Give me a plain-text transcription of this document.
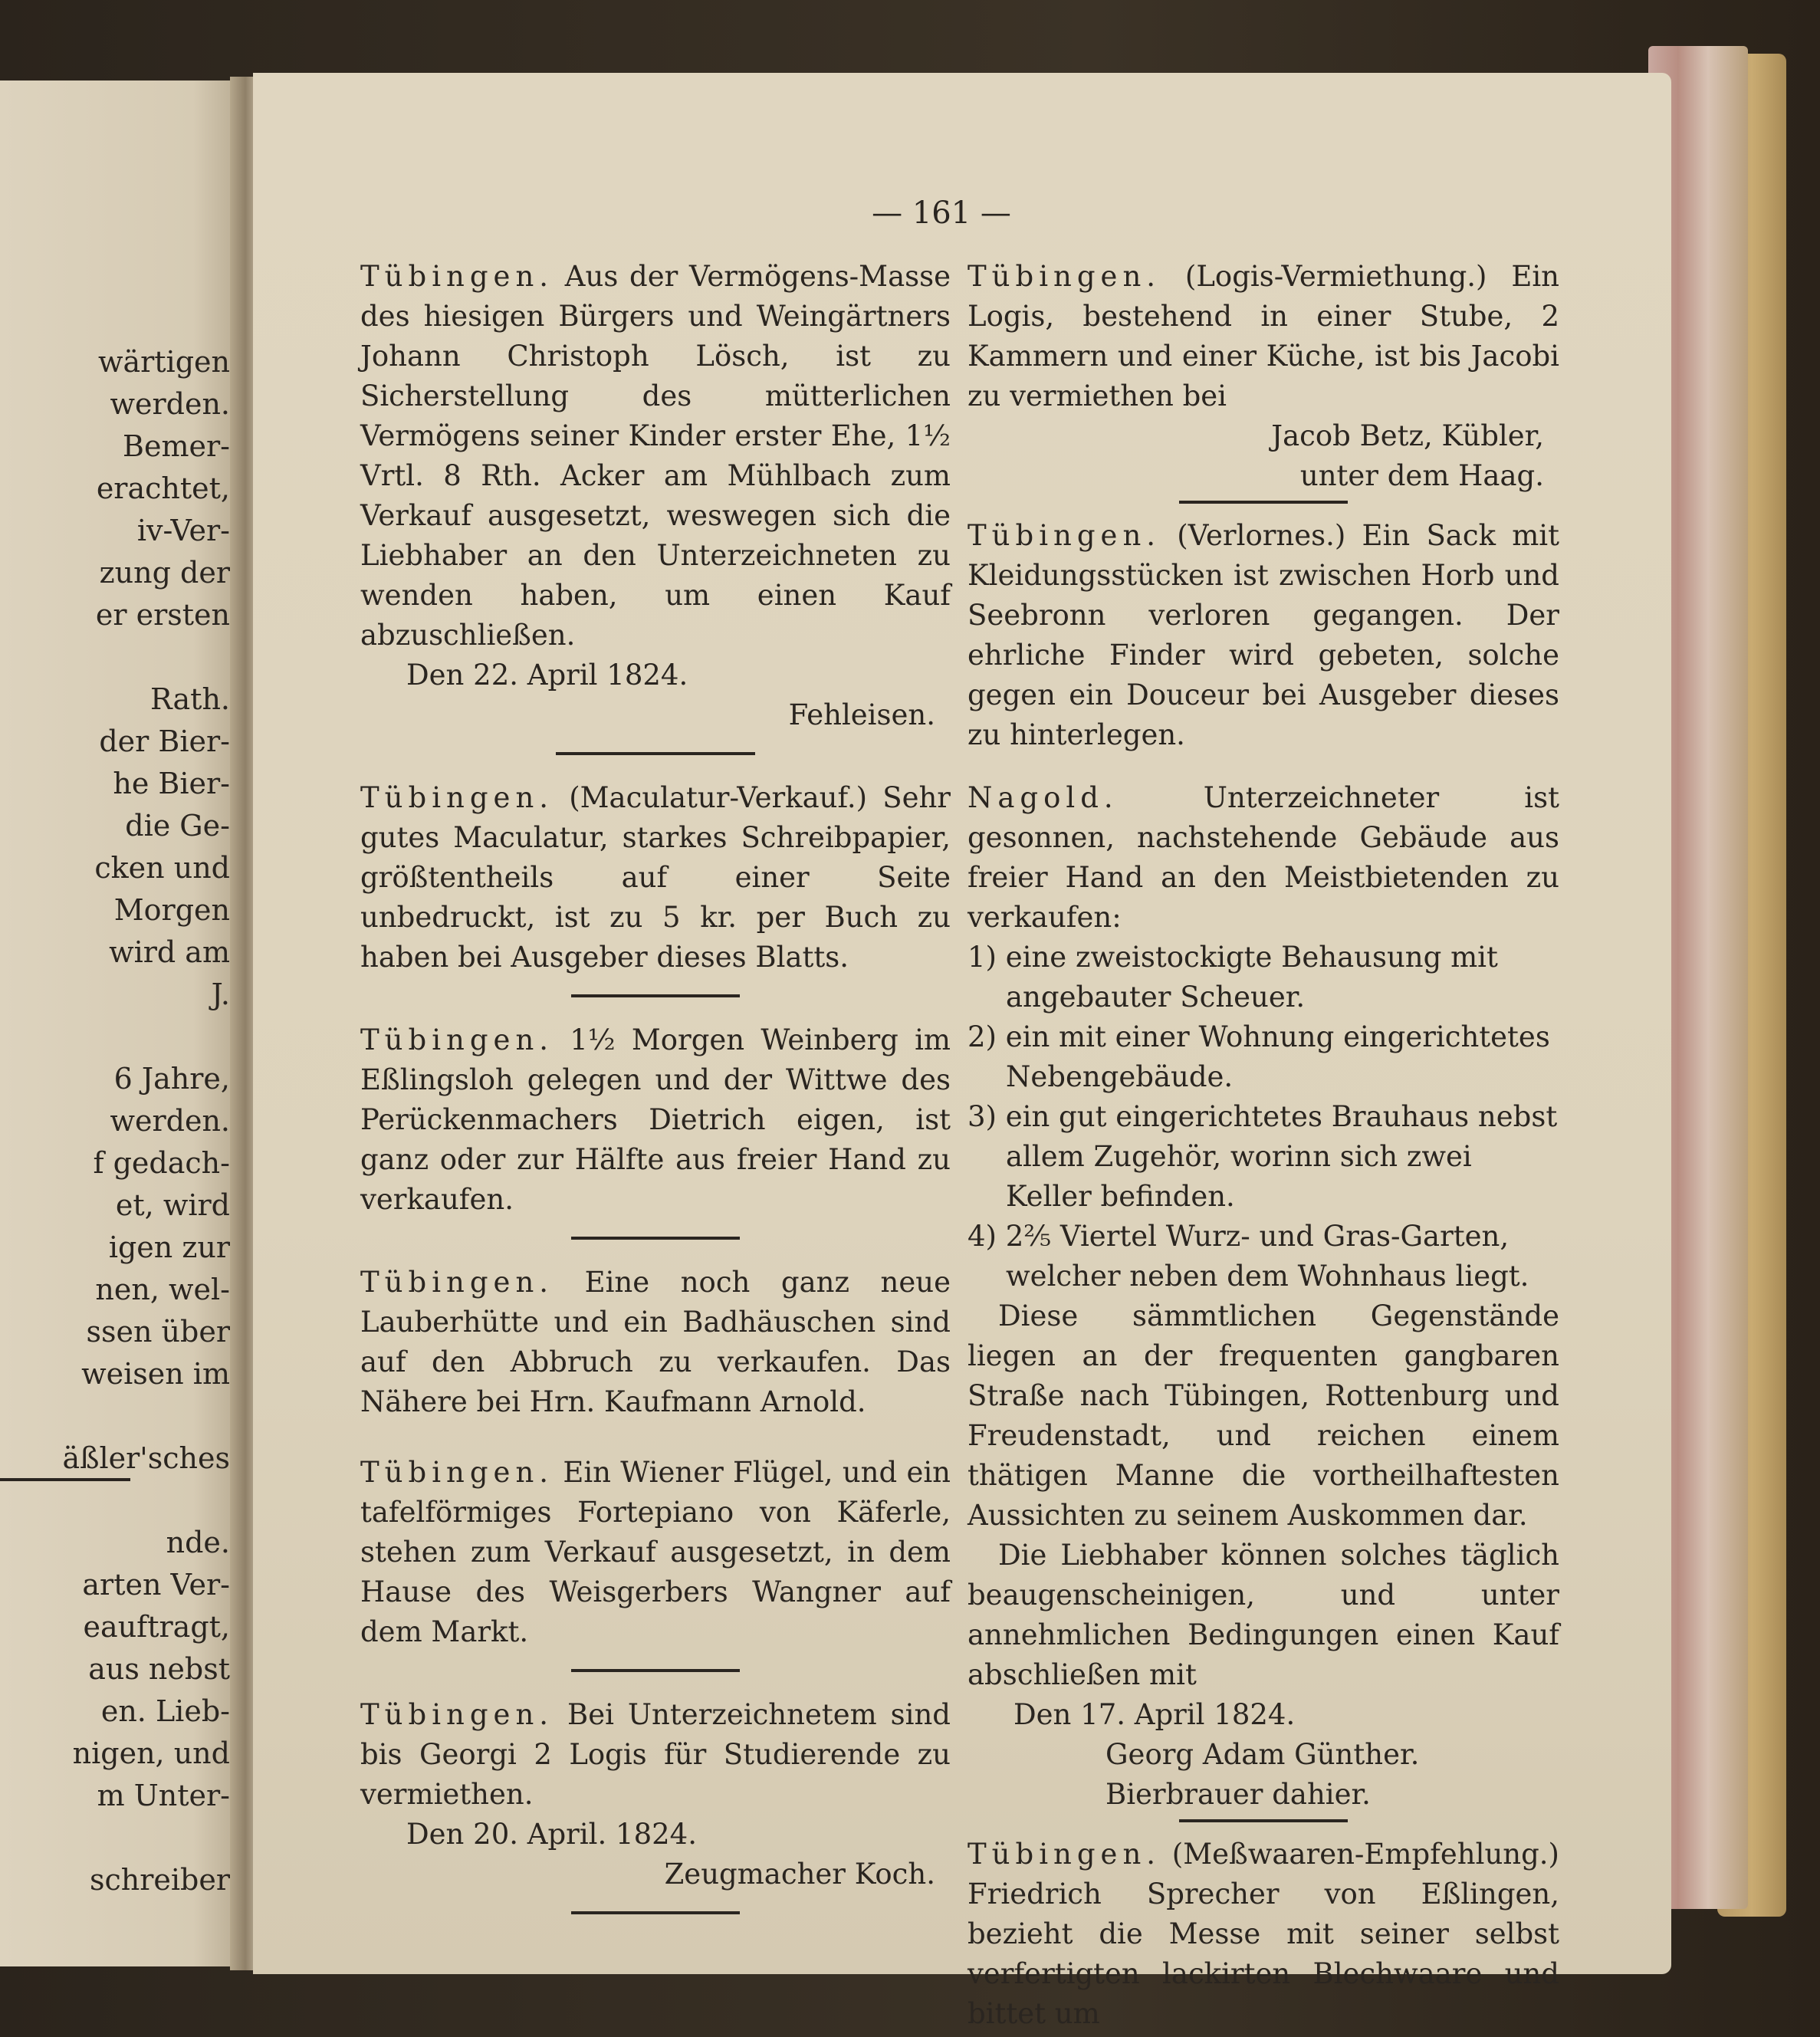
wärtigen
werden.
Bemer-
erachtet,
iv-Ver-
zung der
er ersten
Rath.
der Bier-
he Bier-
die Ge-
cken und
Morgen
wird am
J.
6 Jahre,
werden.
f gedach-
et, wird
igen zur
nen, wel-
ssen über
weisen im
äßler'sches
nde.
arten Ver-
eauftragt,
aus nebst
en. Lieb-
nigen, und
m Unter-
schreiber
— 161 —

Tübingen. Aus der Vermögens-Masse des hiesigen Bürgers und Weingärtners Johann Christoph Lösch, ist zu Sicherstellung des mütterlichen Vermögens seiner Kinder erster Ehe, 1½ Vrtl. 8 Rth. Acker am Mühlbach zum Verkauf ausgesetzt, weswegen sich die Liebhaber an den Unterzeichneten zu wenden haben, um einen Kauf abzuschließen.

Den 22. April 1824.
Fehleisen.

Tübingen. (Maculatur-Verkauf.) Sehr gutes Maculatur, starkes Schreibpapier, größtentheils auf einer Seite unbedruckt, ist zu 5 kr. per Buch zu haben bei Ausgeber dieses Blatts.

Tübingen. 1½ Morgen Weinberg im Eßlingsloh gelegen und der Wittwe des Perückenmachers Dietrich eigen, ist ganz oder zur Hälfte aus freier Hand zu verkaufen.

Tübingen. Eine noch ganz neue Lauberhütte und ein Badhäuschen sind auf den Abbruch zu verkaufen. Das Nähere bei Hrn. Kaufmann Arnold.

Tübingen. Ein Wiener Flügel, und ein tafelförmiges Fortepiano von Käferle, stehen zum Verkauf ausgesetzt, in dem Hause des Weisgerbers Wangner auf dem Markt.

Tübingen. Bei Unterzeichnetem sind bis Georgi 2 Logis für Studierende zu vermiethen.

Den 20. April. 1824.
Zeugmacher Koch.

Tübingen. (Logis-Vermiethung.) Ein Logis, bestehend in einer Stube, 2 Kammern und einer Küche, ist bis Jacobi zu vermiethen bei

Jacob Betz, Kübler,
unter dem Haag.

Tübingen. (Verlornes.) Ein Sack mit Kleidungsstücken ist zwischen Horb und Seebronn verloren gegangen. Der ehrliche Finder wird gebeten, solche gegen ein Douceur bei Ausgeber dieses zu hinterlegen.

Nagold.	Unterzeichneter ist gesonnen, nachstehende Gebäude aus freier Hand an den Meistbietenden zu verkaufen:

1) eine zweistockigte Behausung mit angebauter Scheuer.
2) ein mit einer Wohnung eingerichtetes Nebengebäude.
3) ein gut eingerichtetes Brauhaus nebst allem Zugehör, worinn sich zwei Keller befinden.
4) 2⅖ Viertel Wurz- und Gras-Garten, welcher neben dem Wohnhaus liegt.

Diese sämmtlichen Gegenstände liegen an der frequenten gangbaren Straße nach Tübingen, Rottenburg und Freudenstadt, und reichen einem thätigen Manne die vortheilhaftesten Aussichten zu seinem Auskommen dar.

Die Liebhaber können solches täglich beaugenscheinigen, und unter annehmlichen Bedingungen einen Kauf abschließen mit

Den 17. April 1824.
Georg Adam Günther.
Bierbrauer dahier.

Tübingen. (Meßwaaren-Empfehlung.) Friedrich Sprecher von Eßlingen, bezieht die Messe mit seiner selbst verfertigten lackirten Blechwaare und bittet um
